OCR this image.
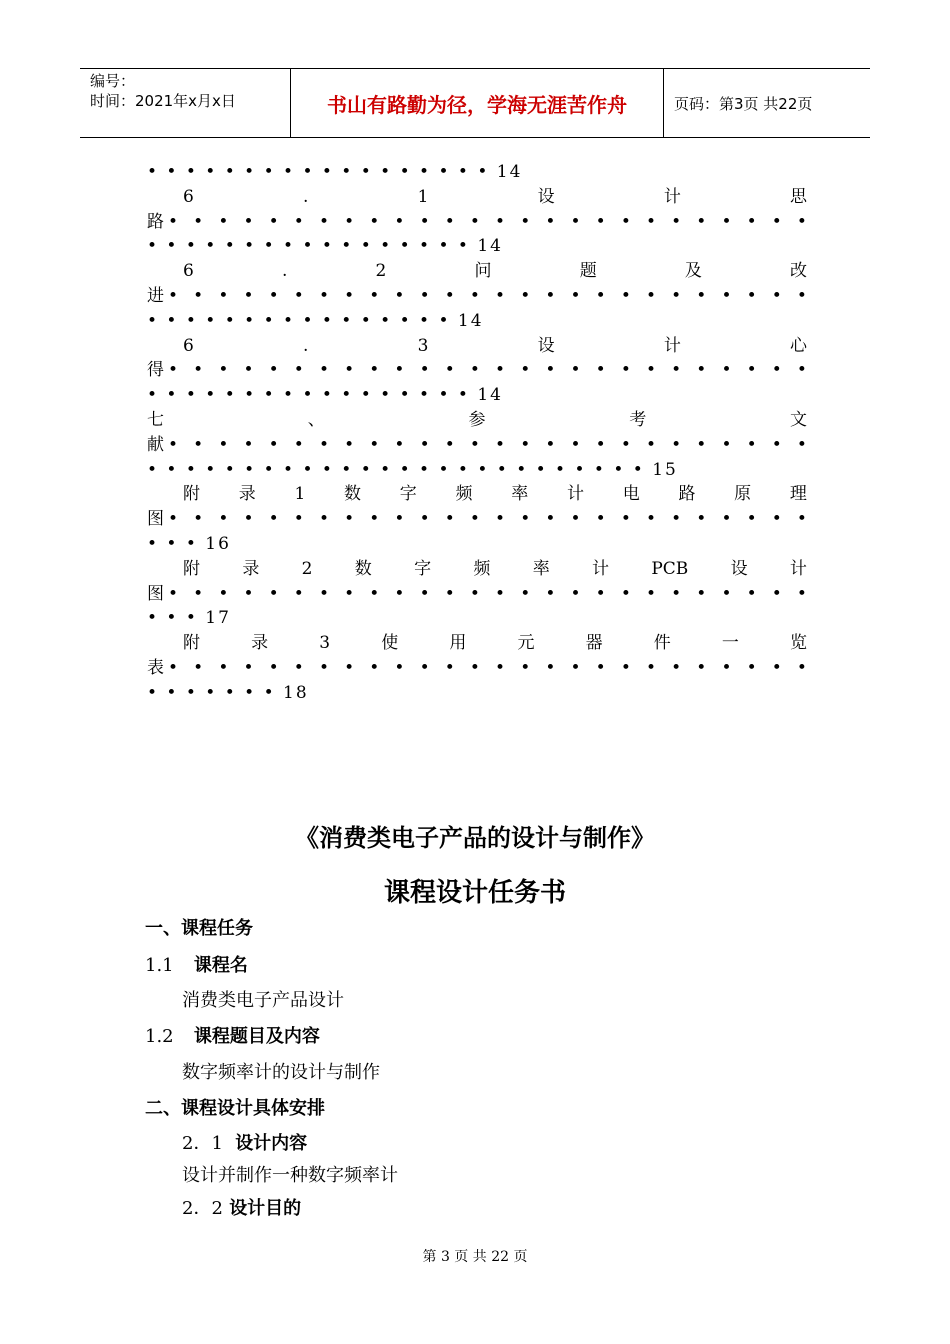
编号：
时间：2021年x月x日	书山有路勤为径，学海无涯苦作舟	页码：第3页 共22页
• • • • • • • • • • • • • • • • • • 14
6	.	1	设	计	思
路 • • • • • • • • • • • • • • • • • • • • • • • • • •
• • • • • • • • • • • • • • • • • 14
6	.	2	问	题	及	改
进 • • • • • • • • • • • • • • • • • • • • • • • • • •
• • • • • • • • • • • • • • • • 14
6	.	3	设	计	心
得 • • • • • • • • • • • • • • • • • • • • • • • • • •
• • • • • • • • • • • • • • • • • 14
七	、	参	考	文
献 • • • • • • • • • • • • • • • • • • • • • • • • • •
• • • • • • • • • • • • • • • • • • • • • • • • • • 15
附 录 1 数 字 频 率 计 电 路 原 理
图 • • • • • • • • • • • • • • • • • • • • • • • • • •
• • • 16
附 录 2 数 字 频 率 计 PCB 设 计
图 • • • • • • • • • • • • • • • • • • • • • • • • • •
• • • 17
附	录	3	使	用	元	器	件	一	览
表 • • • • • • • • • • • • • • • • • • • • • • • • • •
• • • • • • • 18
《消费类电子产品的设计与制作》
课程设计任务书
一、课程任务
1.1 课程名
消费类电子产品设计
1.2 课程题目及内容
数字频率计的设计与制作
二、课程设计具体安排
2．1 设计内容
设计并制作一种数字频率计
2．2 设计目的
第 3 页 共 22 页
